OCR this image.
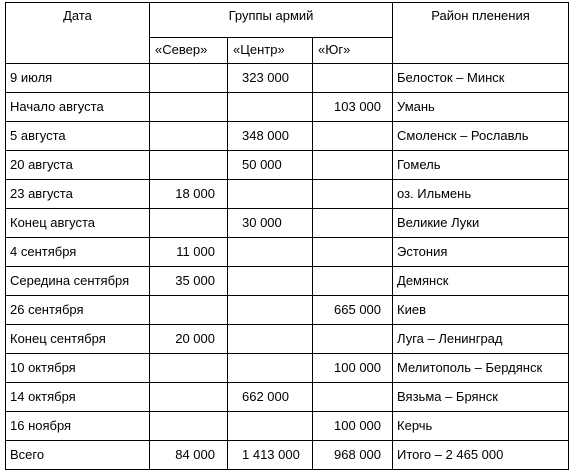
Дата	Группы армий			Район пленения
	«Север»	«Центр»	«Юг»	
9 июля		323 000		Белосток – Минск
Начало августа			103 000	Умань
5 августа		348 000		Смоленск – Рославль
20 августа		50 000		Гомель
23 августа	18 000			оз. Ильмень
Конец августа		30 000		Великие Луки
4 сентября	11 000			Эстония
Середина сентября	35 000			Демянск
26 сентября			665 000	Киев
Конец сентября	20 000			Луга – Ленинград
10 октября			100 000	Мелитополь – Бердянск
14 октября		662 000		Вязьма – Брянск
16 ноября			100 000	Керчь
Всего	84 000	1 413 000	968 000	Итого – 2 465 000
